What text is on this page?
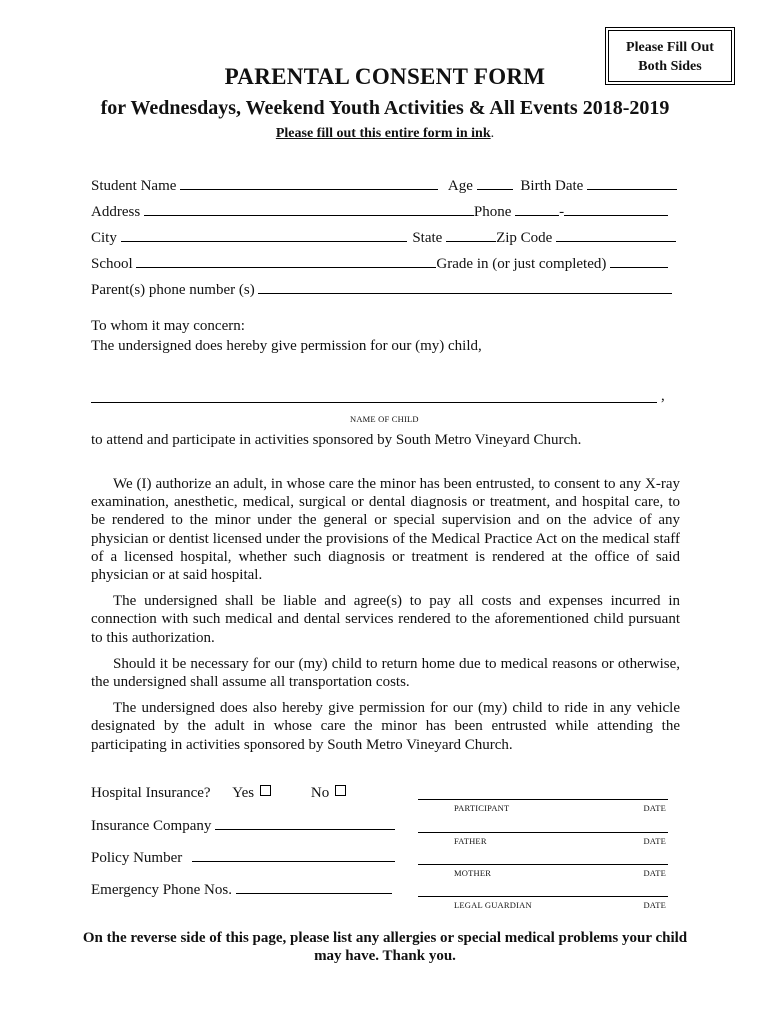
Please Fill Out
Both Sides
PARENTAL CONSENT FORM
for Wednesdays, Weekend Youth Activities & All Events 2018-2019
Please fill out this entire form in ink.
Student Name	Age	Birth Date
Address	Phone	-
City	State	Zip Code
School	Grade in (or just completed)
Parent(s) phone number (s)
To whom it may concern:
The undersigned does hereby give permission for our (my) child,
,
NAME OF CHILD
to attend and participate in activities sponsored by South Metro Vineyard Church.

We (I) authorize an adult, in whose care the minor has been entrusted, to consent to any X-ray examination, anesthetic, medical, surgical or dental diagnosis or treatment, and hospital care, to be rendered to the minor under the general or special supervision and on the advice of any physician or dentist licensed under the provisions of the Medical Practice Act on the medical staff of a licensed hospital, whether such diagnosis or treatment is rendered at the office of said physician or at said hospital.

The undersigned shall be liable and agree(s) to pay all costs and expenses incurred in connection with such medical and dental services rendered to the aforementioned child pursuant to this authorization.

Should it be necessary for our (my) child to return home due to medical reasons or otherwise, the undersigned shall assume all transportation costs.

The undersigned does also hereby give permission for our (my) child to ride in any vehicle designated by the adult in whose care the minor has been entrusted while attending the participating in activities sponsored by South Metro Vineyard Church.

Hospital Insurance? Yes	No
Insurance Company
Policy Number
Emergency Phone Nos.
PARTICIPANT	DATE
FATHER	DATE
MOTHER	DATE
LEGAL GUARDIAN	DATE
On the reverse side of this page, please list any allergies or special medical problems your child may have. Thank you.
